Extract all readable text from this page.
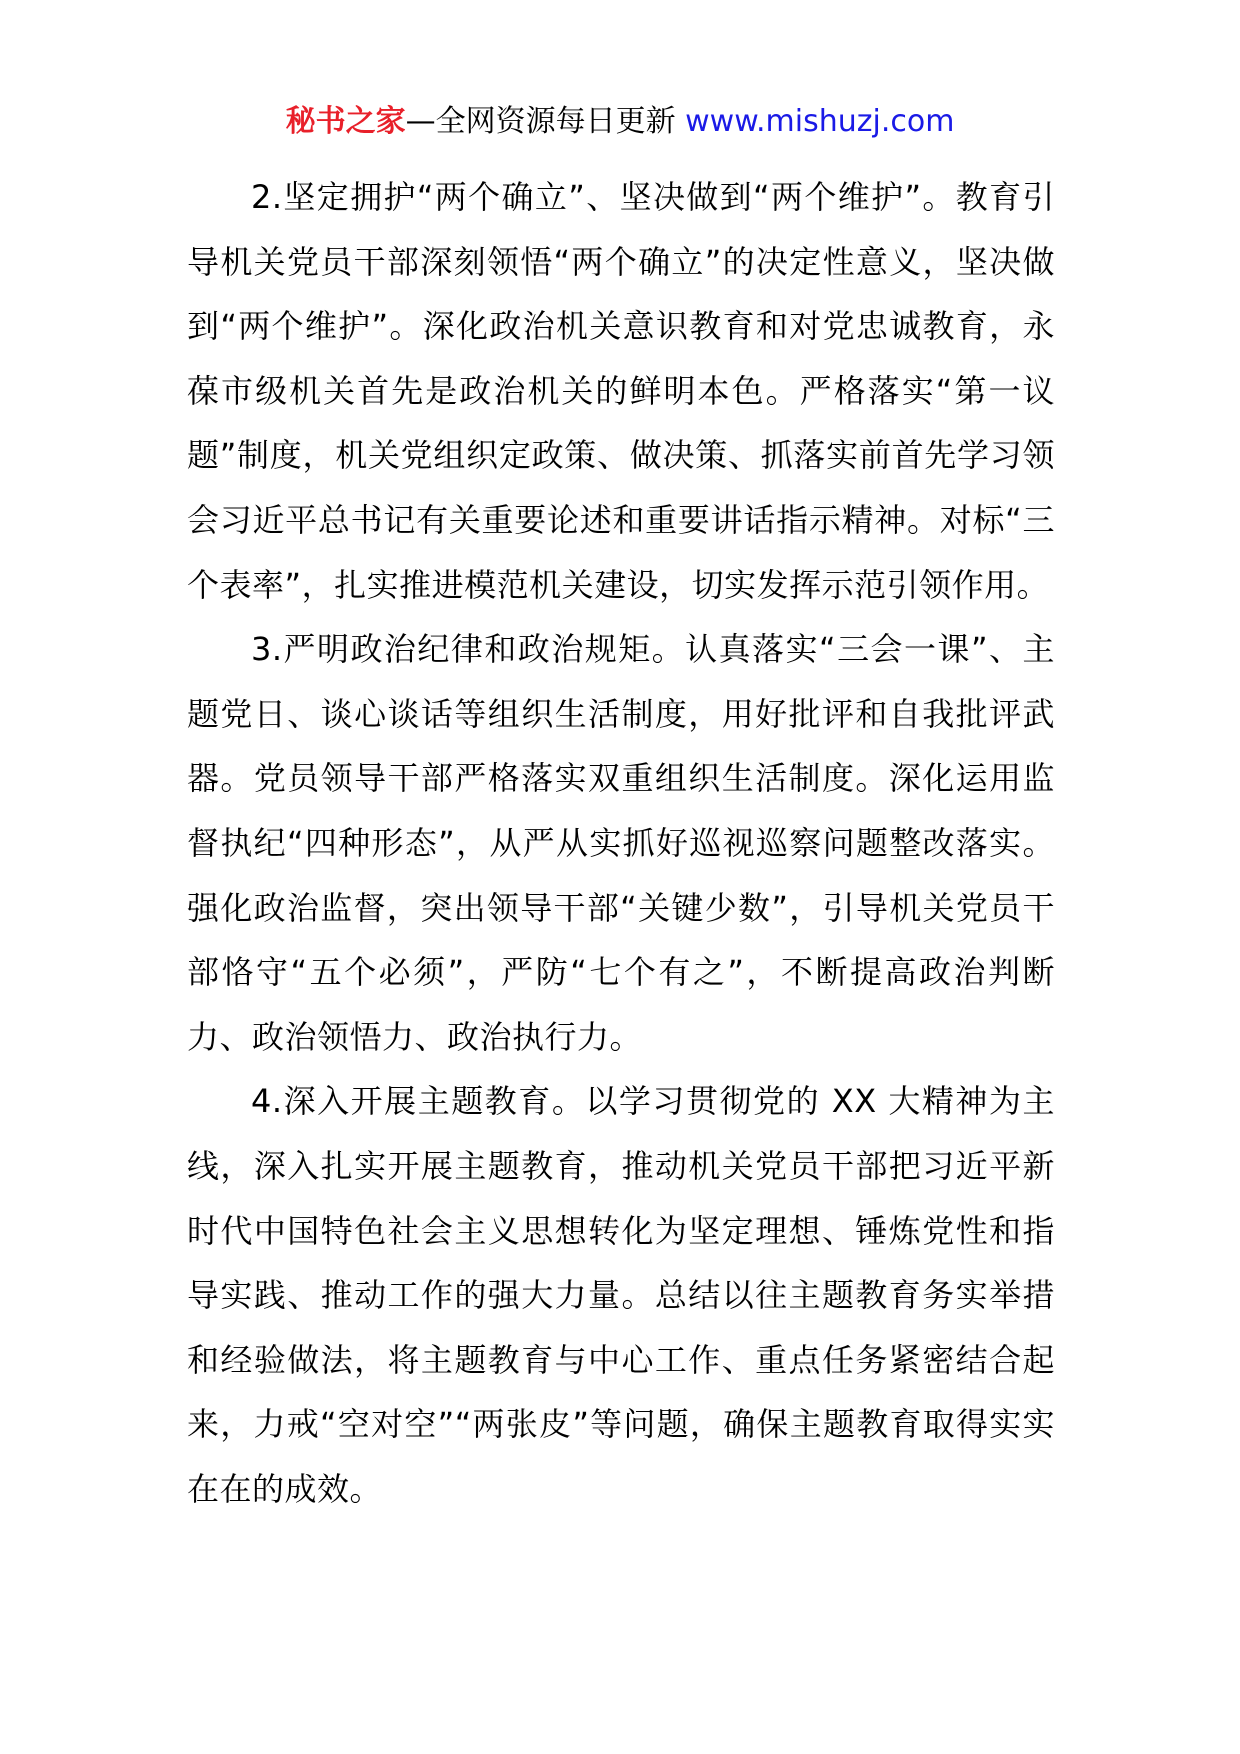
秘书之家—全网资源每日更新 www.mishuzj.com

2.坚定拥护“两个确立”、坚决做到“两个维护”。教育引导机关党员干部深刻领悟“两个确立”的决定性意义，坚决做到“两个维护”。深化政治机关意识教育和对党忠诚教育，永葆市级机关首先是政治机关的鲜明本色。严格落实“第一议题”制度，机关党组织定政策、做决策、抓落实前首先学习领会习近平总书记有关重要论述和重要讲话指示精神。对标“三个表率”，扎实推进模范机关建设，切实发挥示范引领作用。

3.严明政治纪律和政治规矩。认真落实“三会一课”、主题党日、谈心谈话等组织生活制度，用好批评和自我批评武器。党员领导干部严格落实双重组织生活制度。深化运用监督执纪“四种形态”，从严从实抓好巡视巡察问题整改落实。强化政治监督，突出领导干部“关键少数”，引导机关党员干部恪守“五个必须”，严防“七个有之”，不断提高政治判断力、政治领悟力、政治执行力。

4.深入开展主题教育。以学习贯彻党的 XX 大精神为主线，深入扎实开展主题教育，推动机关党员干部把习近平新时代中国特色社会主义思想转化为坚定理想、锤炼党性和指导实践、推动工作的强大力量。总结以往主题教育务实举措和经验做法，将主题教育与中心工作、重点任务紧密结合起来，力戒“空对空”“两张皮”等问题，确保主题教育取得实实在在的成效。
